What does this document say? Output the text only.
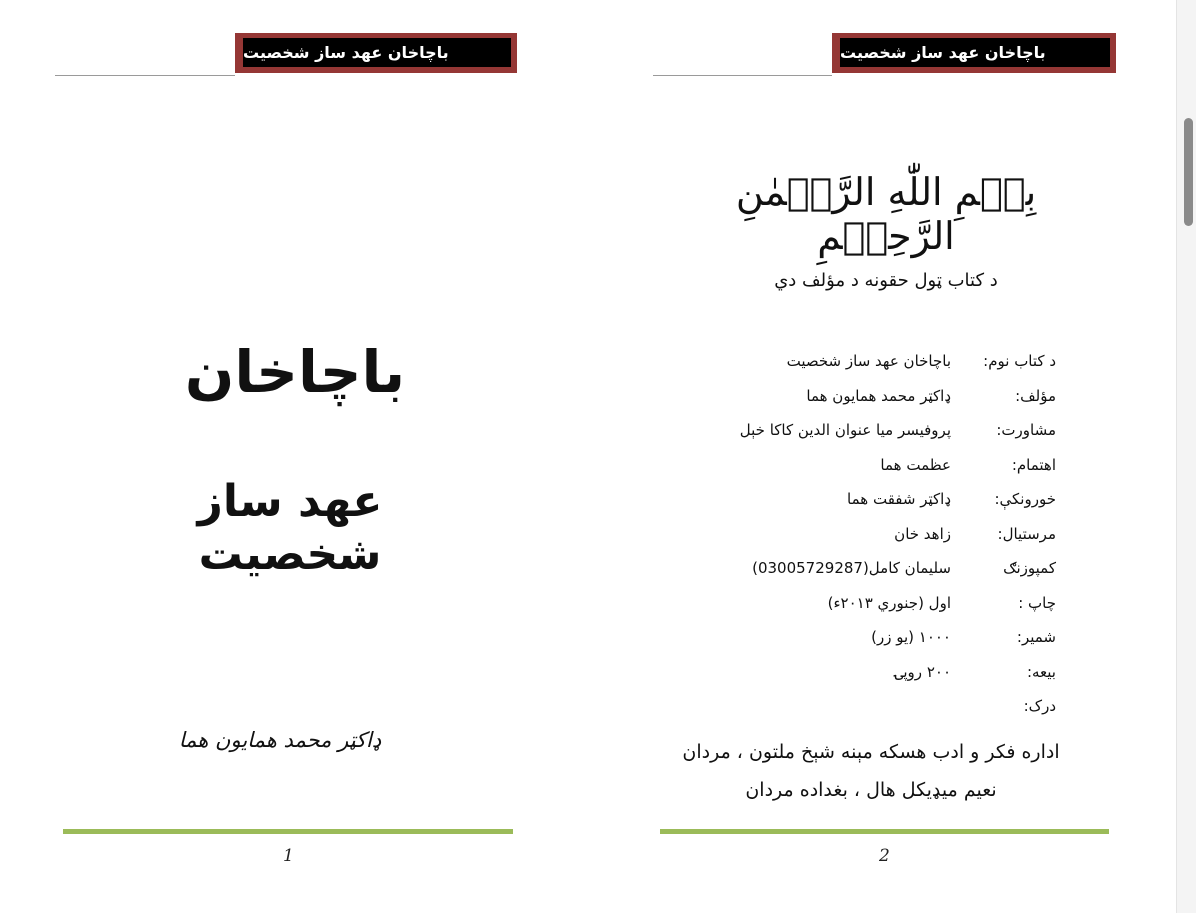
باچاخان عهد ساز شخصیت
باچاخان
عهد ساز شخصیت
ډاکټر محمد همایون هما
1
باچاخان عهد ساز شخصیت
بِسۡمِ اللّٰهِ الرَّحۡمٰنِ الرَّحِيۡمِ
د کتاب ټول حقونه د مؤلف دي
د کتاب نوم:
باچاخان عهد ساز شخصیت
مؤلف:
ډاکټر محمد همایون هما
مشاورت:
پروفیسر میا عنوان الدین کاکا خېل
اهتمام:
عظمت هما
خورونکې:
ډاکټر شفقت هما
مرستیال:
زاهد خان
کمپوزنګ
سلیمان کامل(03005729287)
چاپ :
اول (جنوري ۲۰۱۳ء)
شمیر:
۱۰۰۰ (یو زر)
بیعه:
۲۰۰ روپۍ
درک:
اداره فکر و ادب هسکه مېنه شېخ ملتون ، مردان
نعیم میډیکل هال ، بغداده مردان
2
